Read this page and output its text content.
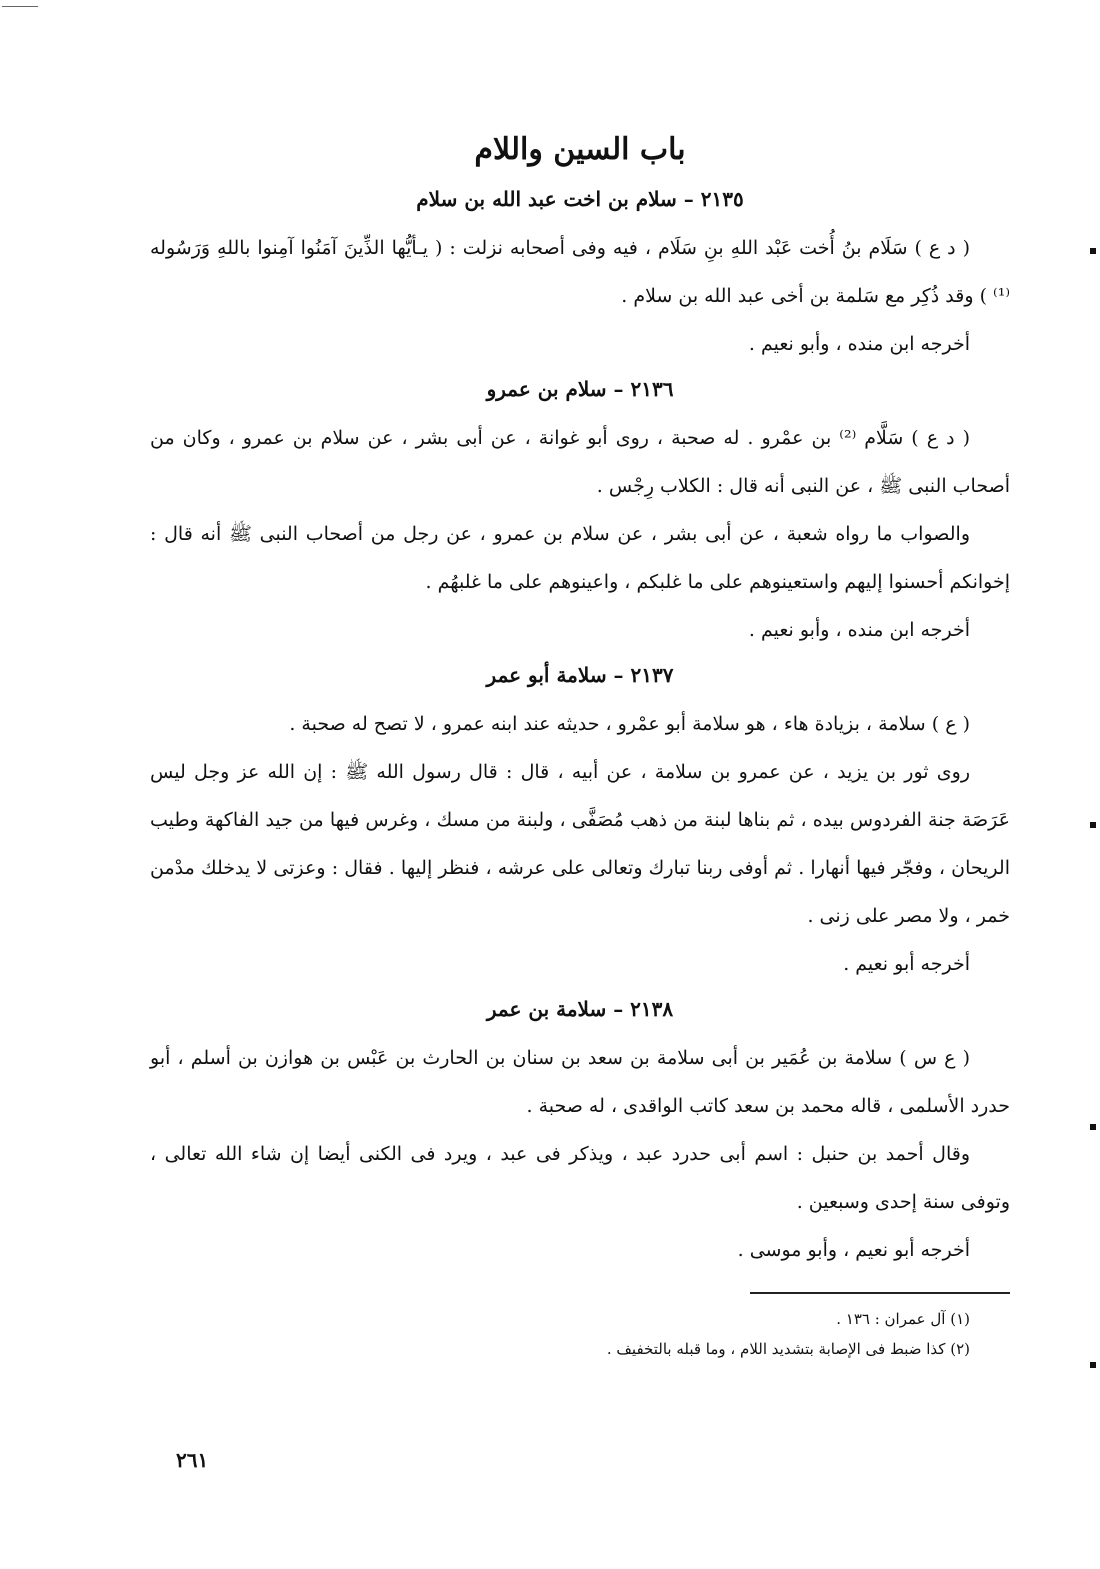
باب السين واللام
٢١٣٥ – سلام بن اخت عبد الله بن سلام

( د ع ) سَلَام بنُ أُخت عَبْد اللهِ بنِ سَلَام ، فيه وفى أصحابه نزلت : ( يـأيُّها الذِّينَ آمَنُوا آمِنوا باللهِ وَرَسُوله ⁽¹⁾ ) وقد ذُكِر مع سَلمة بن أخى عبد الله بن سلام .

أخرجه ابن منده ، وأبو نعيم .

٢١٣٦ – سلام بن عمرو

( د ع ) سَلَّام ⁽²⁾ بن عمْرو . له صحبة ، روى أبو غوانة ، عن أبى بشر ، عن سلام بن عمرو ، وكان من أصحاب النبى ﷺ ، عن النبى أنه قال : الكلاب رِجْس .

والصواب ما رواه شعبة ، عن أبى بشر ، عن سلام بن عمرو ، عن رجل من أصحاب النبى ﷺ أنه قال : إخوانكم أحسنوا إليهم واستعينوهم على ما غلبكم ، واعينوهم على ما غلبهُم .

أخرجه ابن منده ، وأبو نعيم .

٢١٣٧ – سلامة أبو عمر

( ع ) سلامة ، بزيادة هاء ، هو سلامة أبو عمْرو ، حديثه عند ابنه عمرو ، لا تصح له صحبة .

روى ثور بن يزيد ، عن عمرو بن سلامة ، عن أبيه ، قال : قال رسول الله ﷺ : إن الله عز وجل ليس عَرَصَة جنة الفردوس بيده ، ثم بناها لبنة من ذهب مُصَفَّى ، ولبنة من مسك ، وغرس فيها من جيد الفاكهة وطيب الريحان ، وفجّر فيها أنهارا . ثم أوفى ربنا تبارك وتعالى على عرشه ، فنظر إليها . فقال : وعزتى لا يدخلك مدْمن خمر ، ولا مصر على زنى .

أخرجه أبو نعيم .

٢١٣٨ – سلامة بن عمر

( ع س ) سلامة بن عُمَير بن أبى سلامة بن سعد بن سنان بن الحارث بن عَبْس بن هوازن بن أسلم ، أبو حدرد الأسلمى ، قاله محمد بن سعد كاتب الواقدى ، له صحبة .

وقال أحمد بن حنبل : اسم أبى حدرد عبد ، ويذكر فى عبد ، ويرد فى الكنى أيضا إن شاء الله تعالى ، وتوفى سنة إحدى وسبعين .

أخرجه أبو نعيم ، وأبو موسى .

(١) آل عمران : ١٣٦ .

(٢) كذا ضبط فى الإصابة بتشديد اللام ، وما قبله بالتخفيف .

٢٦١
